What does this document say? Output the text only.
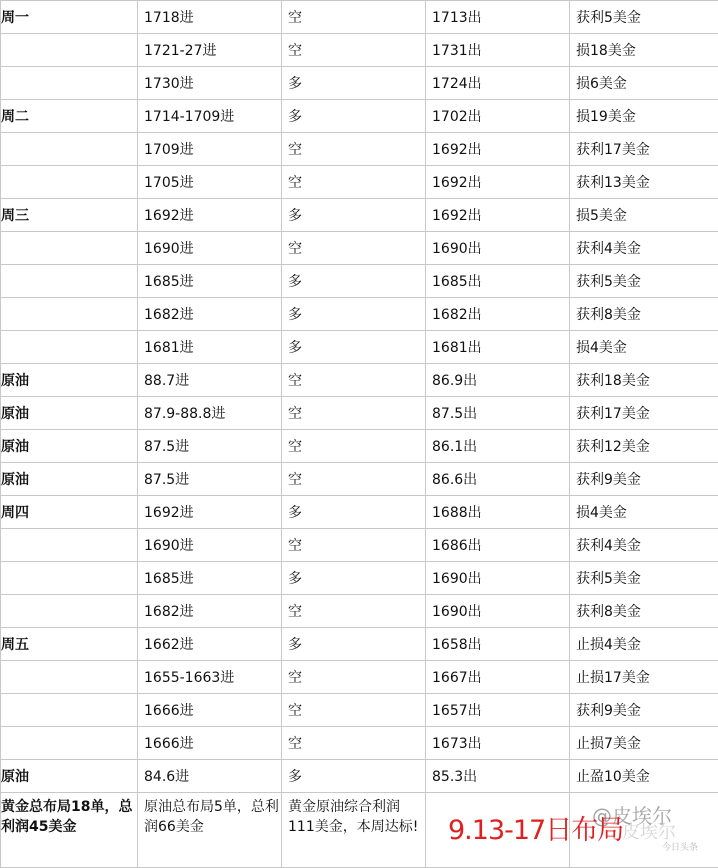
周一	1718进	空	1713出	获利5美金
	1721-27进	空	1731出	损18美金
	1730进	多	1724出	损6美金
周二	1714-1709进	多	1702出	损19美金
	1709进	空	1692出	获利17美金
	1705进	空	1692出	获利13美金
周三	1692进	多	1692出	损5美金
	1690进	空	1690出	获利4美金
	1685进	多	1685出	获利5美金
	1682进	多	1682出	获利8美金
	1681进	多	1681出	损4美金
原油	88.7进	空	86.9出	获利18美金
原油	87.9-88.8进	空	87.5出	获利17美金
原油	87.5进	空	86.1出	获利12美金
原油	87.5进	空	86.6出	获利9美金
周四	1692进	多	1688出	损4美金
	1690进	空	1686出	获利4美金
	1685进	多	1690出	获利5美金
	1682进	空	1690出	获利8美金
周五	1662进	多	1658出	止损4美金
	1655-1663进	空	1667出	止损17美金
	1666进	空	1657出	获利9美金
	1666进	空	1673出	止损7美金
原油	84.6进	多	85.3出	止盈10美金
黄金总布局18单，总利润45美金	原油总布局5单，总利润66美金	黄金原油综合利润111美金，本周达标!		9.13-17日布局
皮埃尔
@皮埃尔
今日头条
